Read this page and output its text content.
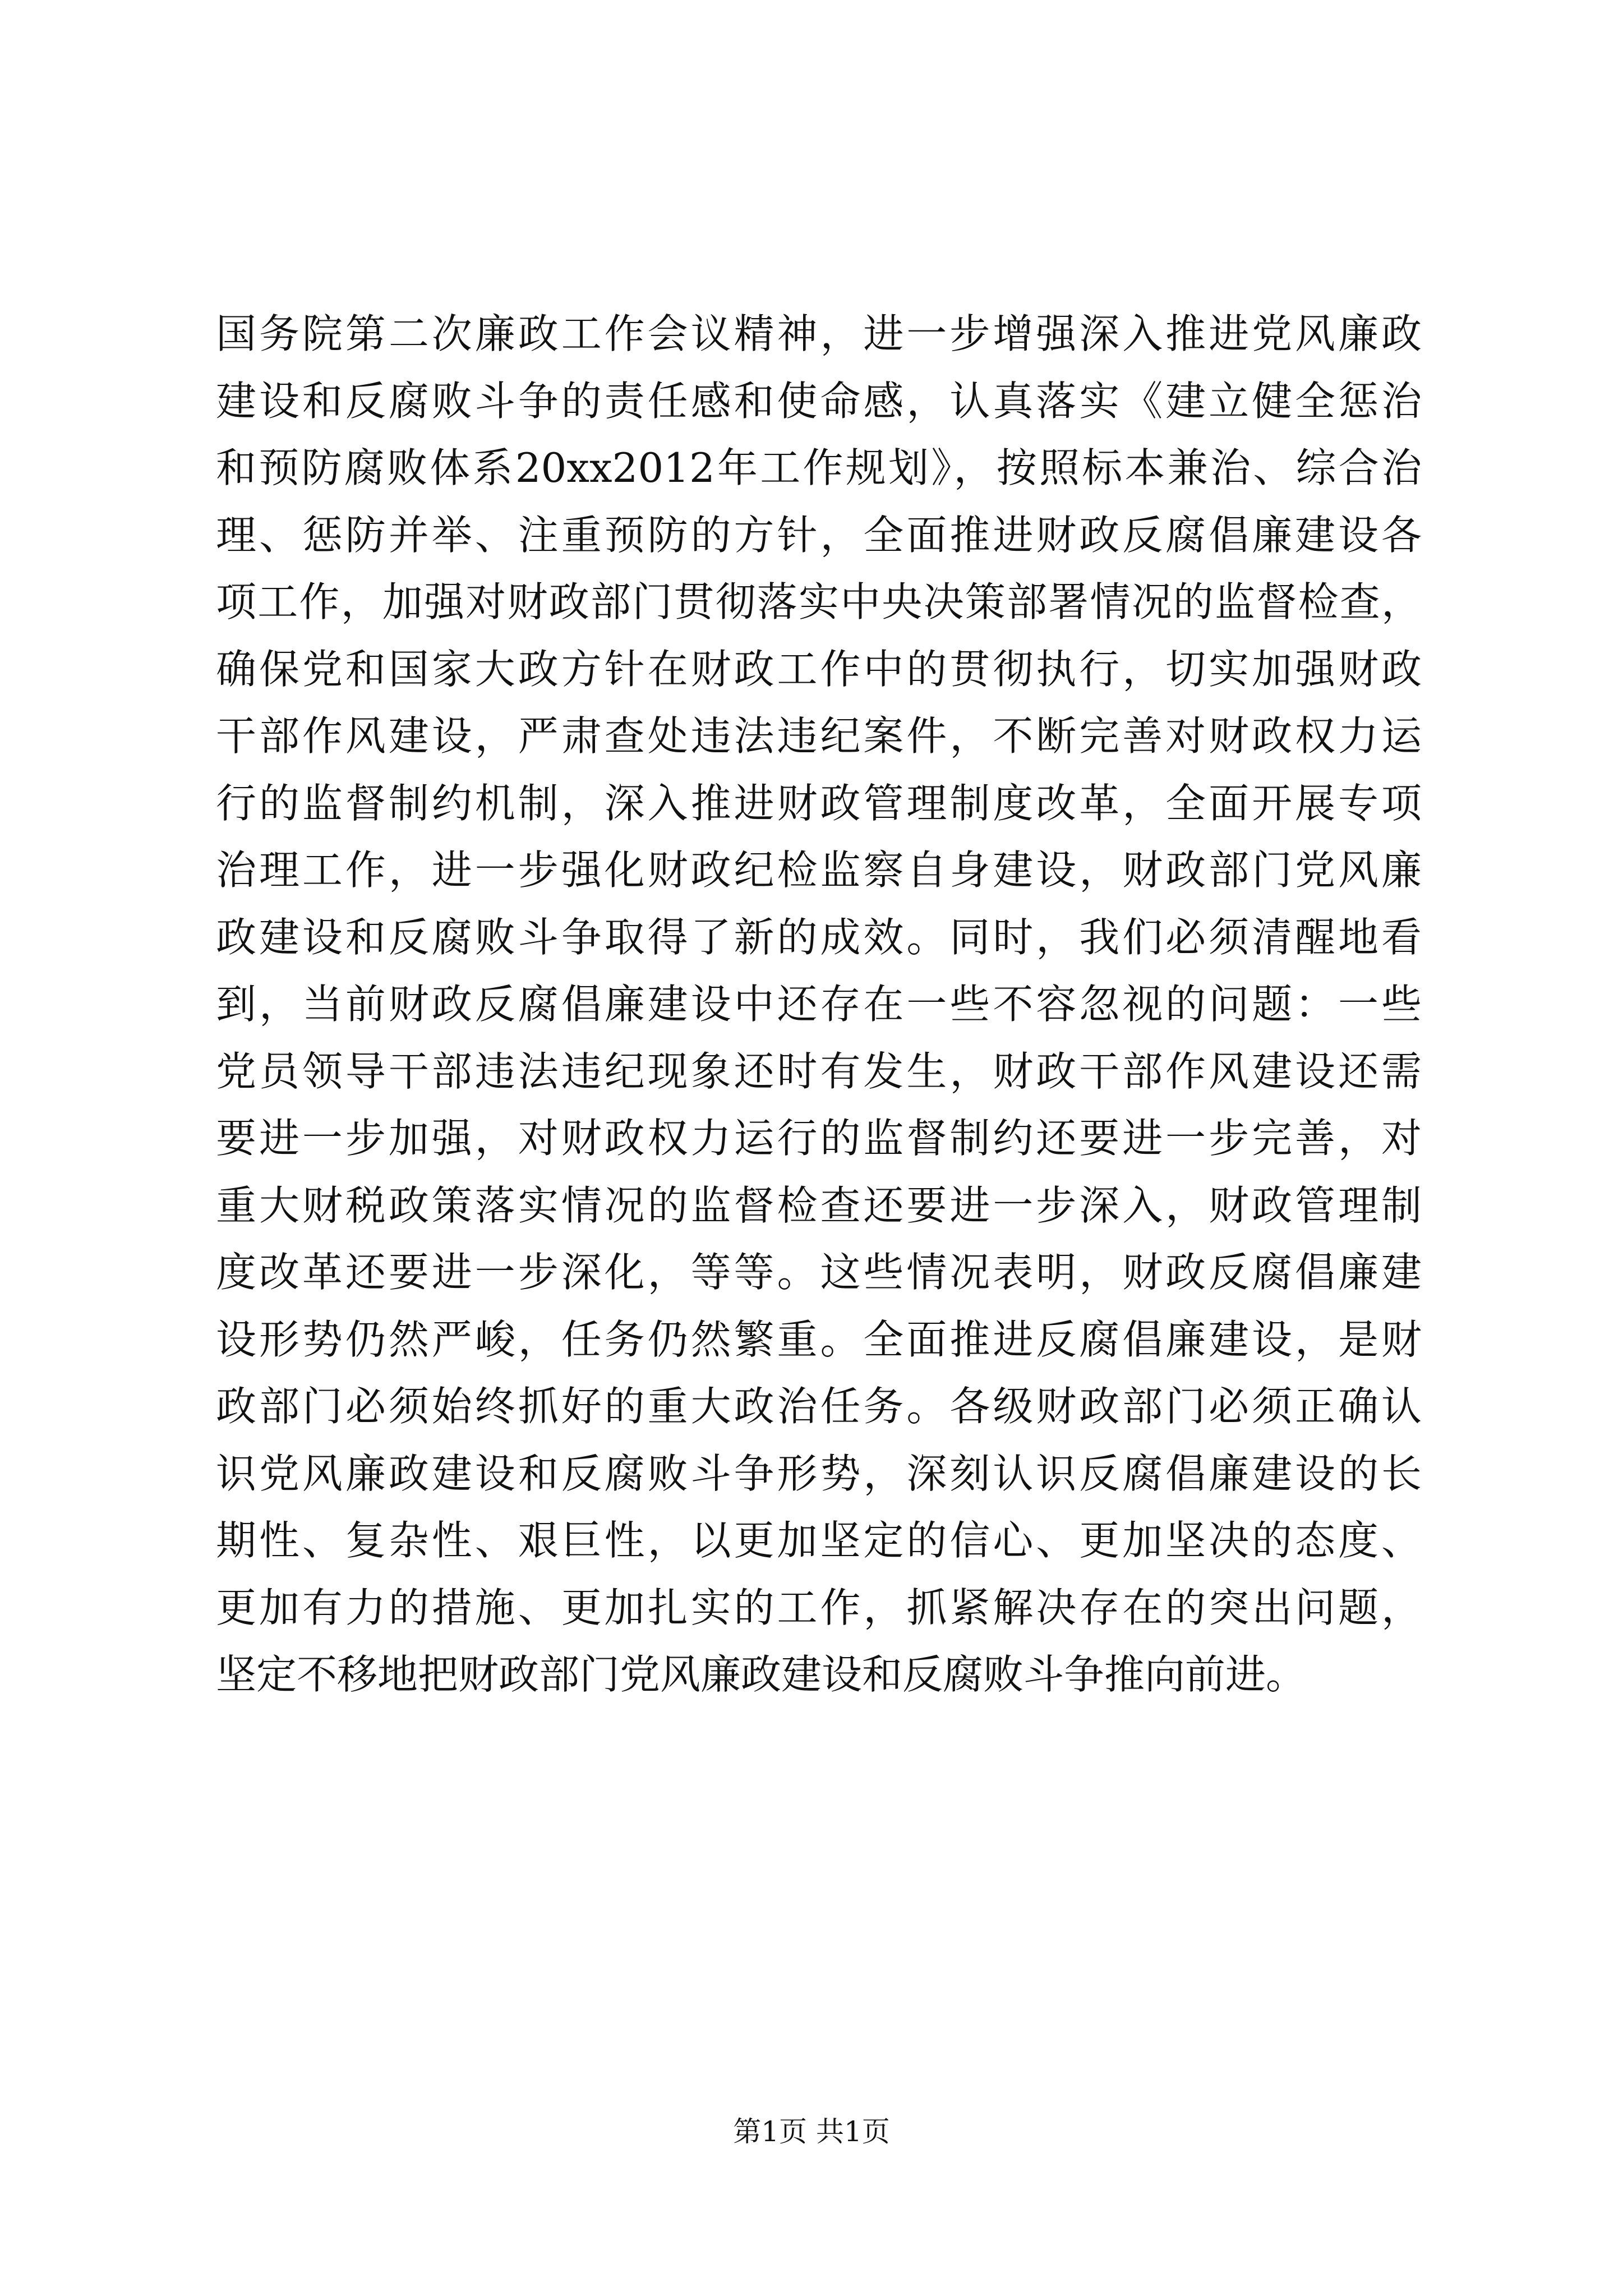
国务院第二次廉政工作会议精神，进一步增强深入推进党风廉政
建设和反腐败斗争的责任感和使命感，认真落实《建立健全惩治
和预防腐败体系20xx2012年工作规划》，按照标本兼治、综合治
理、惩防并举、注重预防的方针，全面推进财政反腐倡廉建设各
项工作，加强对财政部门贯彻落实中央决策部署情况的监督检查，
确保党和国家大政方针在财政工作中的贯彻执行，切实加强财政
干部作风建设，严肃查处违法违纪案件，不断完善对财政权力运
行的监督制约机制，深入推进财政管理制度改革，全面开展专项
治理工作，进一步强化财政纪检监察自身建设，财政部门党风廉
政建设和反腐败斗争取得了新的成效。同时，我们必须清醒地看
到，当前财政反腐倡廉建设中还存在一些不容忽视的问题：一些
党员领导干部违法违纪现象还时有发生，财政干部作风建设还需
要进一步加强，对财政权力运行的监督制约还要进一步完善，对
重大财税政策落实情况的监督检查还要进一步深入，财政管理制
度改革还要进一步深化，等等。这些情况表明，财政反腐倡廉建
设形势仍然严峻，任务仍然繁重。全面推进反腐倡廉建设，是财
政部门必须始终抓好的重大政治任务。各级财政部门必须正确认
识党风廉政建设和反腐败斗争形势，深刻认识反腐倡廉建设的长
期性、复杂性、艰巨性，以更加坚定的信心、更加坚决的态度、
更加有力的措施、更加扎实的工作，抓紧解决存在的突出问题，
坚定不移地把财政部门党风廉政建设和反腐败斗争推向前进。
第1页 共1页
